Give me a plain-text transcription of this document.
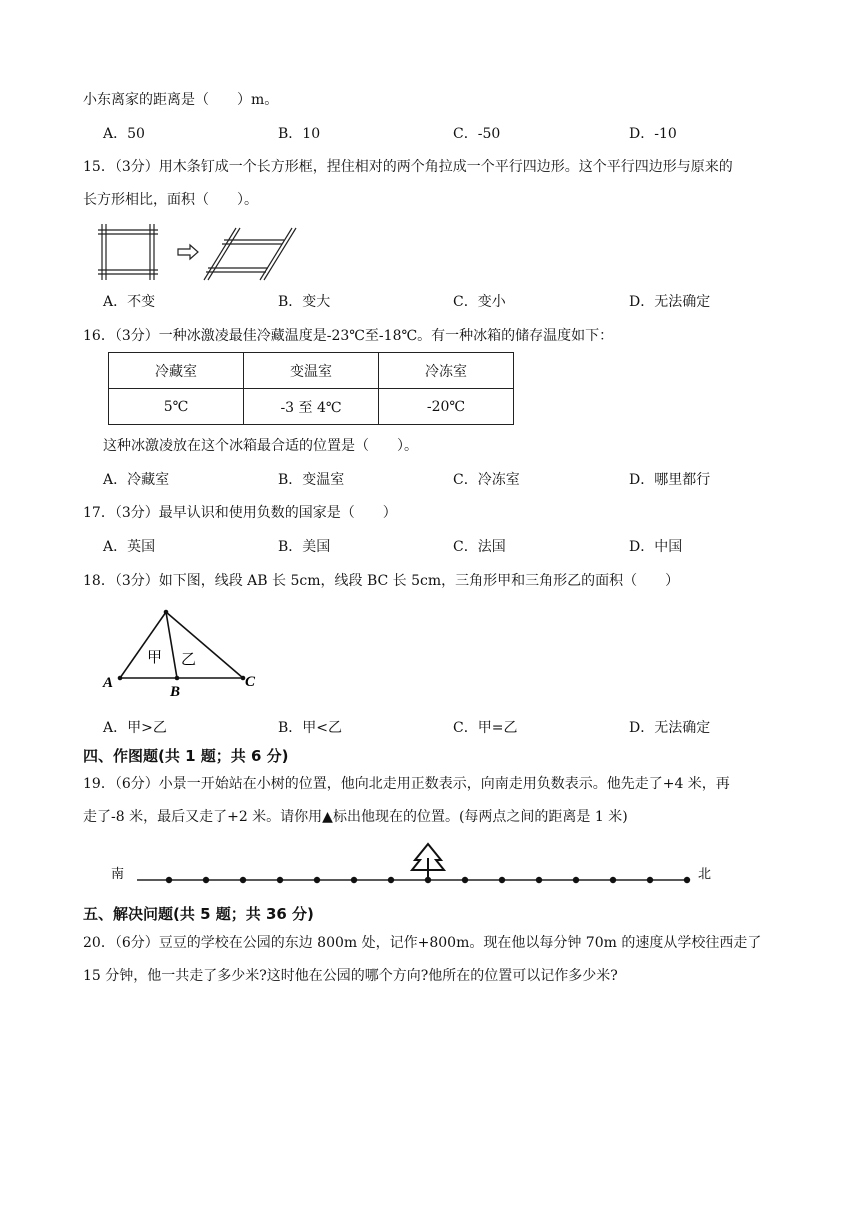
小东离家的距离是（　　）m。
A．50	B．10	C．-50	D．-10
15．（3分）用木条钉成一个长方形框，捏住相对的两个角拉成一个平行四边形。这个平行四边形与原来的
长方形相比，面积（　　）。
A．不变	B．变大	C．变小	D．无法确定
16．（3分）一种冰激凌最佳冷藏温度是-23℃至-18℃。有一种冰箱的储存温度如下：
冷藏室	变温室	冷冻室
5℃	-3 至 4℃	-20℃
这种冰激凌放在这个冰箱最合适的位置是（　　）。
A．冷藏室	B．变温室	C．冷冻室	D．哪里都行
17．（3分）最早认识和使用负数的国家是（　　）
A．英国	B．美国	C．法国	D．中国
18．（3分）如下图，线段 AB 长 5cm，线段 BC 长 5cm，三角形甲和三角形乙的面积（　　）
甲 乙
A
B
C
A．甲>乙	B．甲<乙	C．甲=乙	D．无法确定
四、作图题(共 1 题；共 6 分)
19．（6分）小景一开始站在小树的位置，他向北走用正数表示，向南走用负数表示。他先走了+4 米，再
走了-8 米，最后又走了+2 米。请你用▲标出他现在的位置。(每两点之间的距离是 1 米)
南	北
五、解决问题(共 5 题；共 36 分)
20．（6分）豆豆的学校在公园的东边 800m 处，记作+800m。现在他以每分钟 70m 的速度从学校往西走了
15 分钟，他一共走了多少米?这时他在公园的哪个方向?他所在的位置可以记作多少米?
